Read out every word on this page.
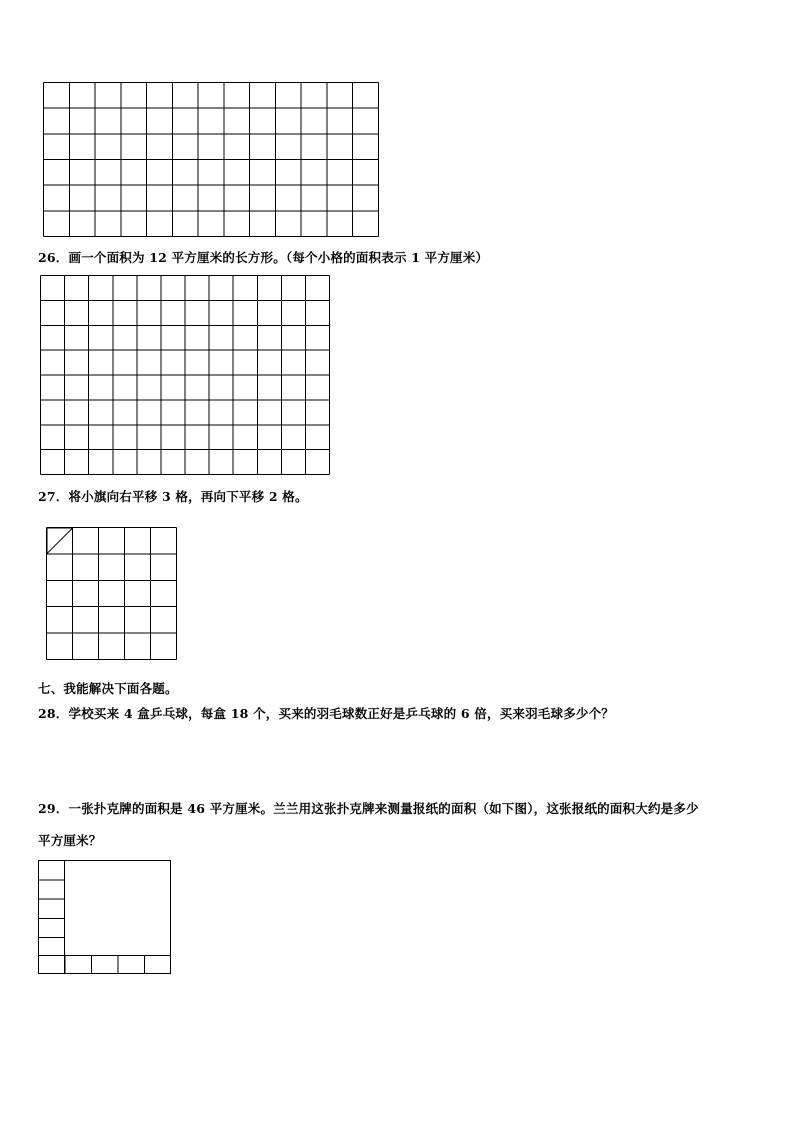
26．画一个面积为 12 平方厘米的长方形。（每个小格的面积表示 1 平方厘米）
27．将小旗向右平移 3 格，再向下平移 2 格。
七、我能解决下面各题。
28．学校买来 4 盒乒乓球，每盒 18 个，买来的羽毛球数正好是乒乓球的 6 倍，买来羽毛球多少个？
29．一张扑克牌的面积是 46 平方厘米。兰兰用这张扑克牌来测量报纸的面积（如下图），这张报纸的面积大约是多少
平方厘米？
